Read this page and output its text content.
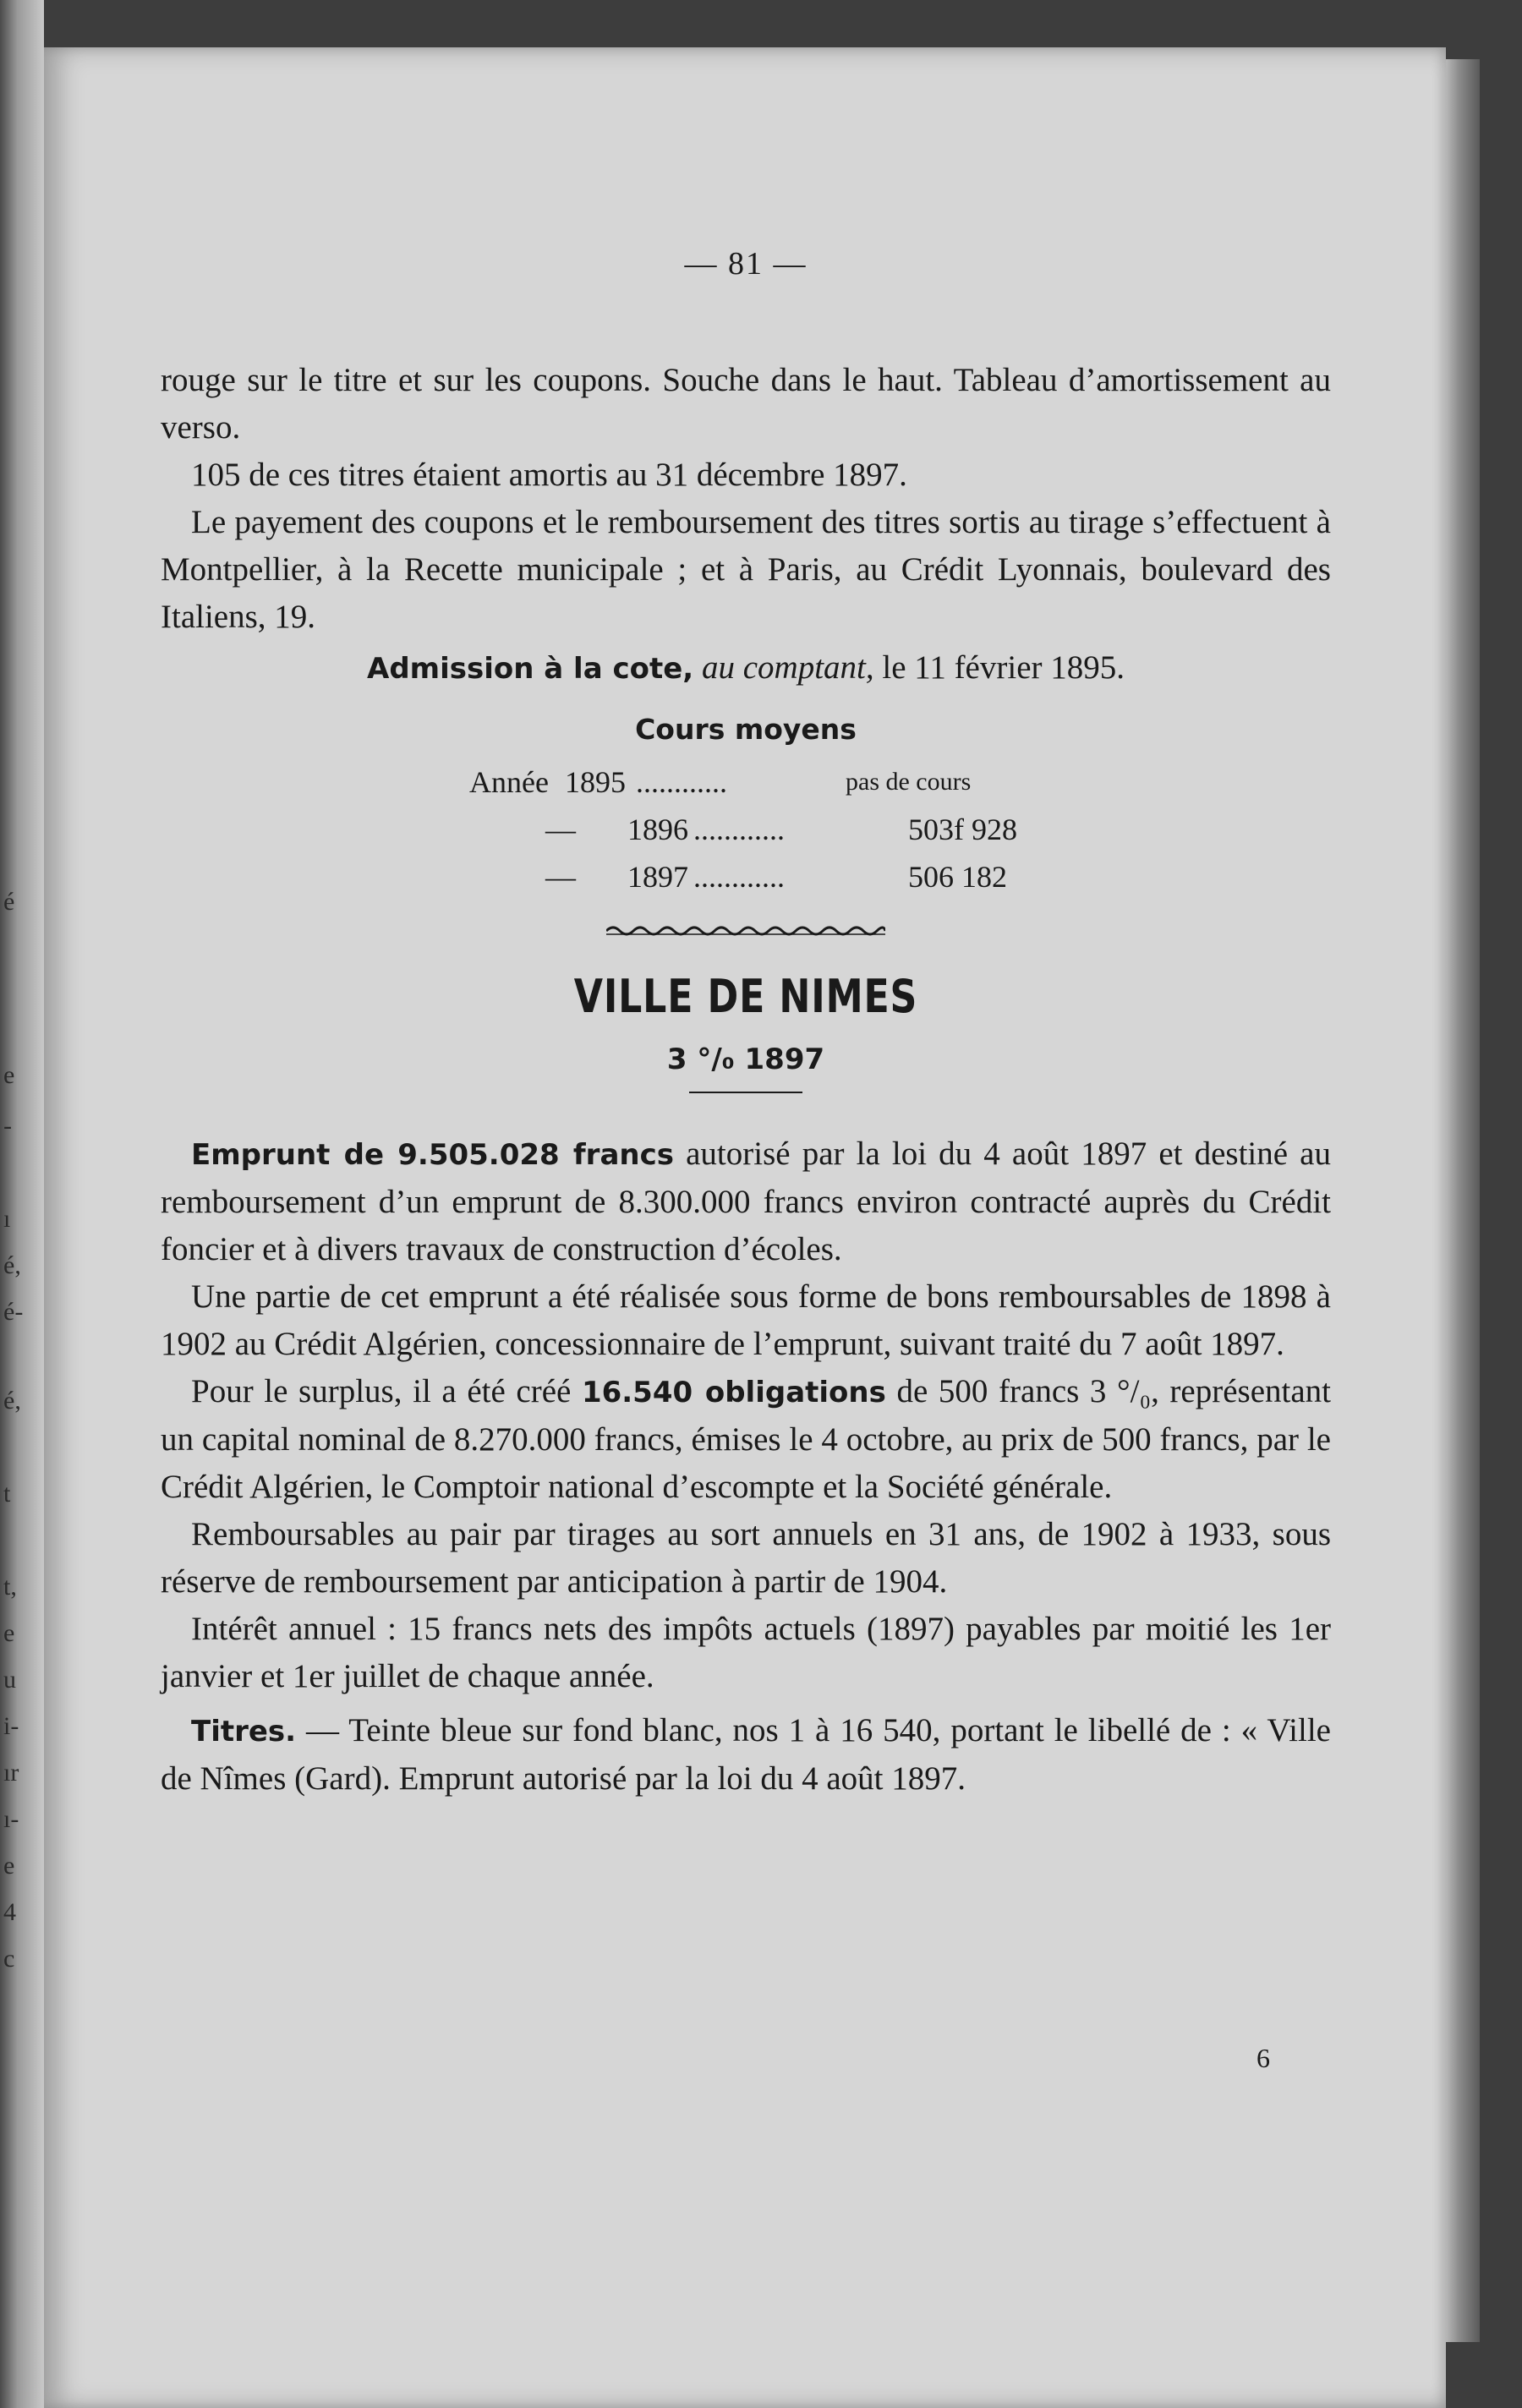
é
e
-
ı
é,
é-
é,
t
t,
e
u
i-
ır
ı-
e
4
c
— 81 —

rouge sur le titre et sur les coupons. Souche dans le haut. Tableau d’amortissement au verso.

105 de ces titres étaient amortis au 31 décembre 1897.

Le payement des coupons et le remboursement des titres sortis au tirage s’effectuent à Montpellier, à la Recette municipale ; et à Paris, au Crédit Lyonnais, boulevard des Italiens, 19.

Admission à la cote, au comptant, le 11 février 1895.

Cours moyens
Année 1895 ............	pas de cours
— 1896 ............	503f 928
— 1897 ............	506 182
VILLE DE NIMES
3 °/₀ 1897

Emprunt de 9.505.028 francs autorisé par la loi du 4 août 1897 et destiné au remboursement d’un emprunt de 8.300.000 francs environ contracté auprès du Crédit foncier et à divers travaux de construction d’écoles.

Une partie de cet emprunt a été réalisée sous forme de bons remboursables de 1898 à 1902 au Crédit Algérien, concessionnaire de l’emprunt, suivant traité du 7 août 1897.

Pour le surplus, il a été créé 16.540 obligations de 500 francs 3 °/₀, représentant un capital nominal de 8.270.000 francs, émises le 4 octobre, au prix de 500 francs, par le Crédit Algérien, le Comptoir national d’escompte et la Société générale.

Remboursables au pair par tirages au sort annuels en 31 ans, de 1902 à 1933, sous réserve de remboursement par anticipation à partir de 1904.

Intérêt annuel : 15 francs nets des impôts actuels (1897) payables par moitié les 1er janvier et 1er juillet de chaque année.

Titres. — Teinte bleue sur fond blanc, nos 1 à 16 540, portant le libellé de : « Ville de Nîmes (Gard). Emprunt autorisé par la loi du 4 août 1897.

6
